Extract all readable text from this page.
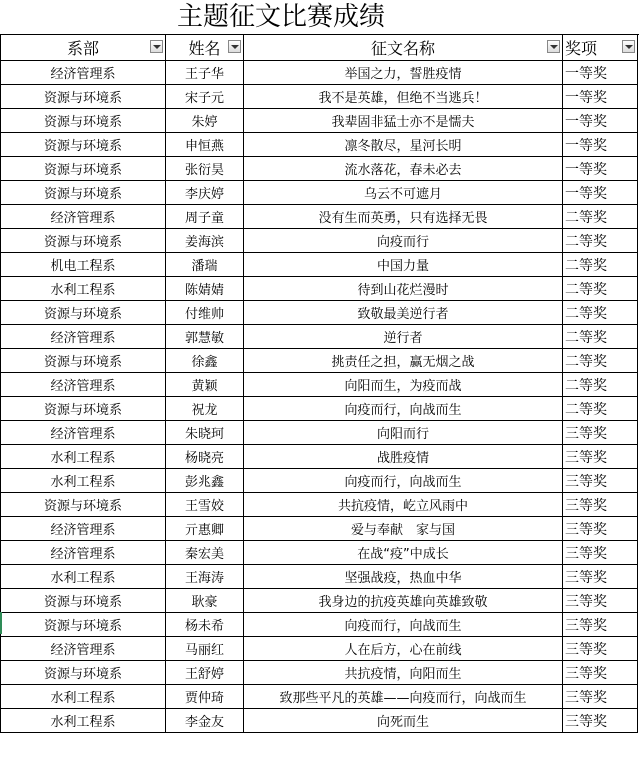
主题征文比赛成绩
系部	姓名	征文名称	奖项

经济管理系	王子华	举国之力，誓胜疫情	一等奖
资源与环境系	宋子元	我不是英雄，但绝不当逃兵！	一等奖
资源与环境系	朱婷	我辈固非猛士亦不是懦夫	一等奖
资源与环境系	申恒燕	凛冬散尽，星河长明	一等奖
资源与环境系	张衍昊	流水落花，春未必去	一等奖
资源与环境系	李庆婷	乌云不可遮月	一等奖
经济管理系	周子童	没有生而英勇，只有选择无畏	二等奖
资源与环境系	姜海滨	向疫而行	二等奖
机电工程系	潘瑞	中国力量	二等奖
水利工程系	陈婧婧	待到山花烂漫时	二等奖
资源与环境系	付维帅	致敬最美逆行者	二等奖
经济管理系	郭慧敏	逆行者	二等奖
资源与环境系	徐鑫	挑责任之担，赢无烟之战	二等奖
经济管理系	黄颖	向阳而生，为疫而战	二等奖
资源与环境系	祝龙	向疫而行，向战而生	二等奖
经济管理系	朱晓珂	向阳而行	三等奖
水利工程系	杨晓亮	战胜疫情	三等奖
水利工程系	彭兆鑫	向疫而行，向战而生	三等奖
资源与环境系	王雪姣	共抗疫情，屹立风雨中	三等奖
经济管理系	亓惠卿	爱与奉献　家与国	三等奖
经济管理系	秦宏美	在战“疫”中成长	三等奖
水利工程系	王海涛	坚强战疫，热血中华	三等奖
资源与环境系	耿豪	我身边的抗疫英雄向英雄致敬	三等奖
资源与环境系	杨未希	向疫而行，向战而生	三等奖
经济管理系	马丽红	人在后方，心在前线	三等奖
资源与环境系	王舒婷	共抗疫情，向阳而生	三等奖
水利工程系	贾仲琦	致那些平凡的英雄——向疫而行，向战而生	三等奖
水利工程系	李金友	向死而生	三等奖
